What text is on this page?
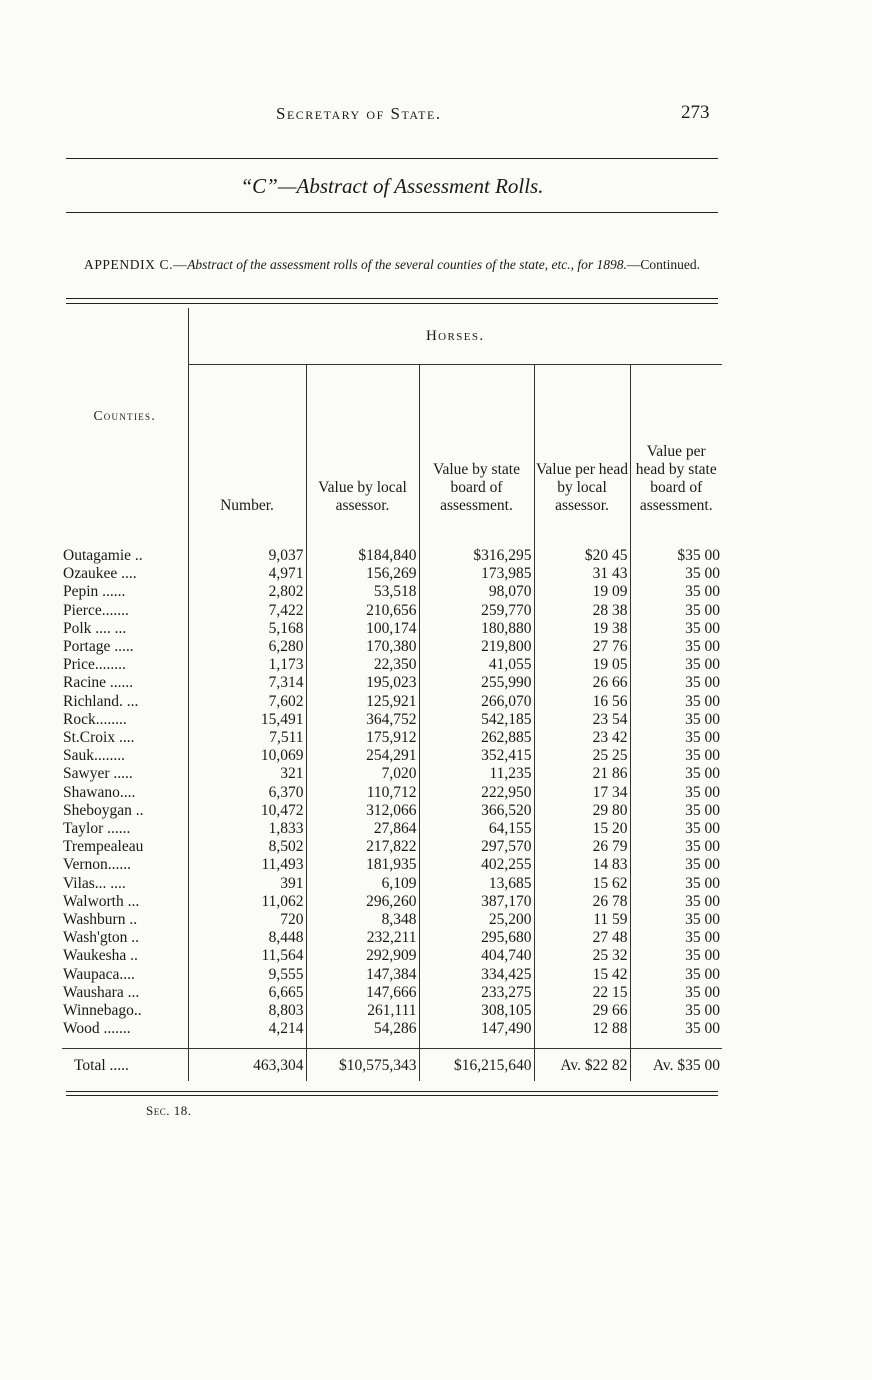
Secretary of State.	273
“C”—Abstract of Assessment Rolls.
APPENDIX C.—Abstract of the assessment rolls of the several counties of the state, etc., for 1898.—Continued.
Counties.	Horses.				
	Number.	Value by local assessor.	Value by state board of assessment.	Value per head by local assessor.	Value per head by state board of assessment.

Outagamie ..	9,037	$184,840	$316,295	$20 45	$35 00
Ozaukee ....	4,971	156,269	173,985	31 43	35 00
Pepin ......	2,802	53,518	98,070	19 09	35 00
Pierce.......	7,422	210,656	259,770	28 38	35 00
Polk .... ...	5,168	100,174	180,880	19 38	35 00
Portage .....	6,280	170,380	219,800	27 76	35 00
Price........	1,173	22,350	41,055	19 05	35 00
Racine ......	7,314	195,023	255,990	26 66	35 00
Richland. ...	7,602	125,921	266,070	16 56	35 00
Rock........	15,491	364,752	542,185	23 54	35 00
St.Croix ....	7,511	175,912	262,885	23 42	35 00
Sauk........	10,069	254,291	352,415	25 25	35 00
Sawyer .....	321	7,020	11,235	21 86	35 00
Shawano....	6,370	110,712	222,950	17 34	35 00
Sheboygan ..	10,472	312,066	366,520	29 80	35 00
Taylor ......	1,833	27,864	64,155	15 20	35 00
Trempealeau	8,502	217,822	297,570	26 79	35 00
Vernon......	11,493	181,935	402,255	14 83	35 00
Vilas... ....	391	6,109	13,685	15 62	35 00
Walworth ...	11,062	296,260	387,170	26 78	35 00
Washburn ..	720	8,348	25,200	11 59	35 00
Wash'gton ..	8,448	232,211	295,680	27 48	35 00
Waukesha ..	11,564	292,909	404,740	25 32	35 00
Waupaca....	9,555	147,384	334,425	15 42	35 00
Waushara ...	6,665	147,666	233,275	22 15	35 00
Winnebago..	8,803	261,111	308,105	29 66	35 00
Wood .......	4,214	54,286	147,490	12 88	35 00

Total .....	463,304	$10,575,343	$16,215,640	Av. $22 82	Av. $35 00
Sec. 18.
